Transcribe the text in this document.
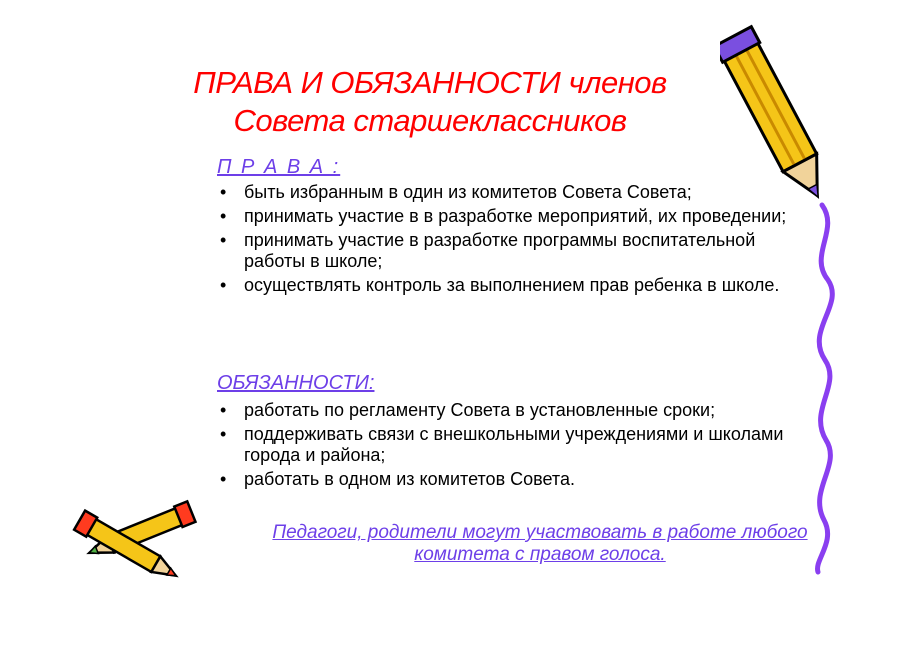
ПРАВА И ОБЯЗАННОСТИ членов
Совета старшеклассников
П Р А В А :
• быть избранным в один из комитетов Совета Совета;
• принимать участие в в разработке мероприятий, их проведении;
• принимать участие в разработке программы воспитательной работы в школе;
• осуществлять контроль за выполнением прав ребенка в школе.
ОБЯЗАННОСТИ:
• работать по регламенту Совета в установленные сроки;
• поддерживать связи с внешкольными учреждениями и школами города и района;
• работать в одном из комитетов Совета.
Педагоги, родители могут участвовать в работе любого комитета с правом голоса.
